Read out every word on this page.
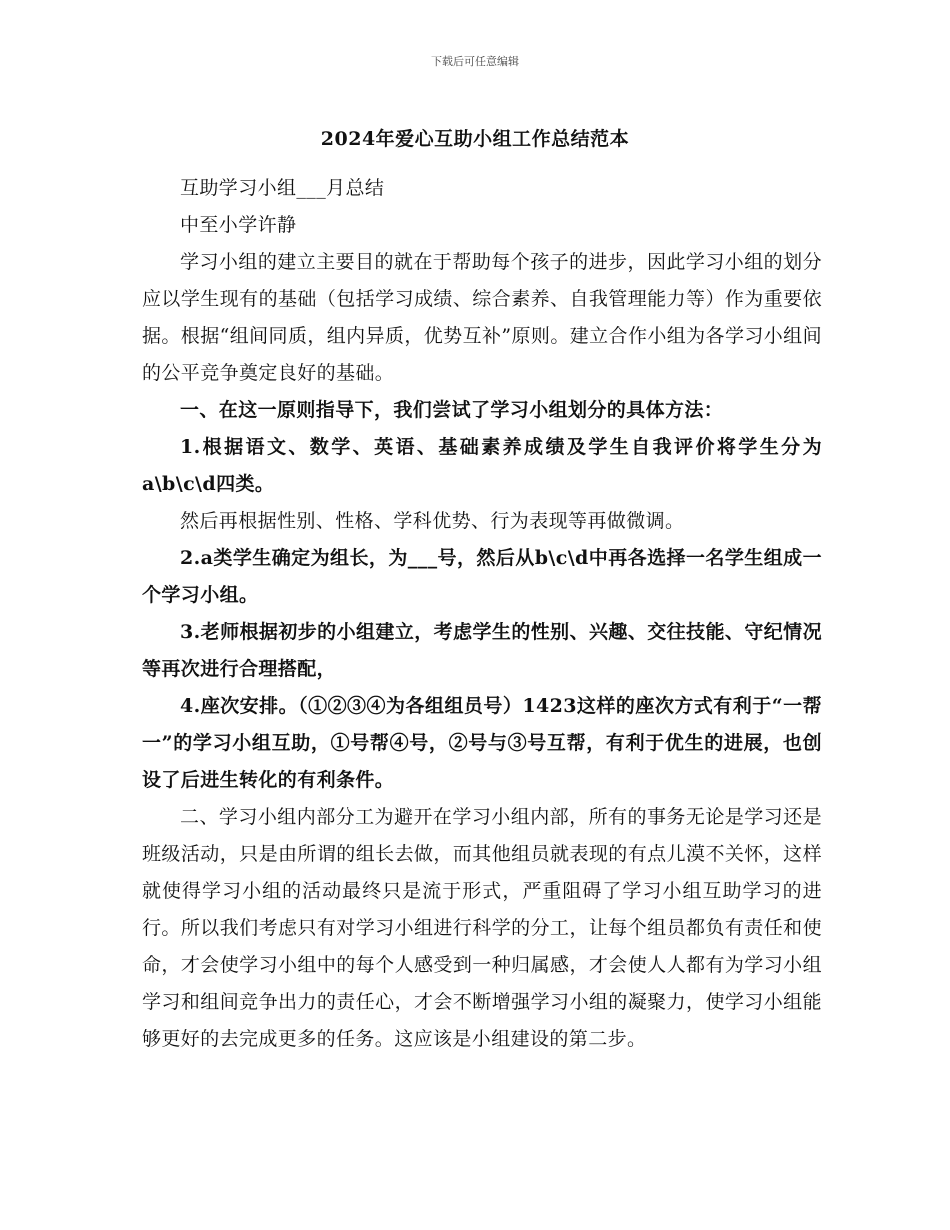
下载后可任意编辑
2024年爱心互助小组工作总结范本

互助学习小组___月总结

中至小学许静

学习小组的建立主要目的就在于帮助每个孩子的进步，因此学习小组的划分应以学生现有的基础（包括学习成绩、综合素养、自我管理能力等）作为重要依据。根据“组间同质，组内异质，优势互补”原则。建立合作小组为各学习小组间的公平竞争奠定良好的基础。

一、在这一原则指导下，我们尝试了学习小组划分的具体方法：

1.根据语文、数学、英语、基础素养成绩及学生自我评价将学生分为a\b\c\d四类。

然后再根据性别、性格、学科优势、行为表现等再做微调。

2.a类学生确定为组长，为___号，然后从b\c\d中再各选择一名学生组成一个学习小组。

3.老师根据初步的小组建立，考虑学生的性别、兴趣、交往技能、守纪情况等再次进行合理搭配，

4.座次安排。（①②③④为各组组员号）1423这样的座次方式有利于“一帮一”的学习小组互助，①号帮④号，②号与③号互帮，有利于优生的进展，也创设了后进生转化的有利条件。

二、学习小组内部分工为避开在学习小组内部，所有的事务无论是学习还是班级活动，只是由所谓的组长去做，而其他组员就表现的有点儿漠不关怀，这样就使得学习小组的活动最终只是流于形式，严重阻碍了学习小组互助学习的进行。所以我们考虑只有对学习小组进行科学的分工，让每个组员都负有责任和使命，才会使学习小组中的每个人感受到一种归属感，才会使人人都有为学习小组学习和组间竞争出力的责任心，才会不断增强学习小组的凝聚力，使学习小组能够更好的去完成更多的任务。这应该是小组建设的第二步。
